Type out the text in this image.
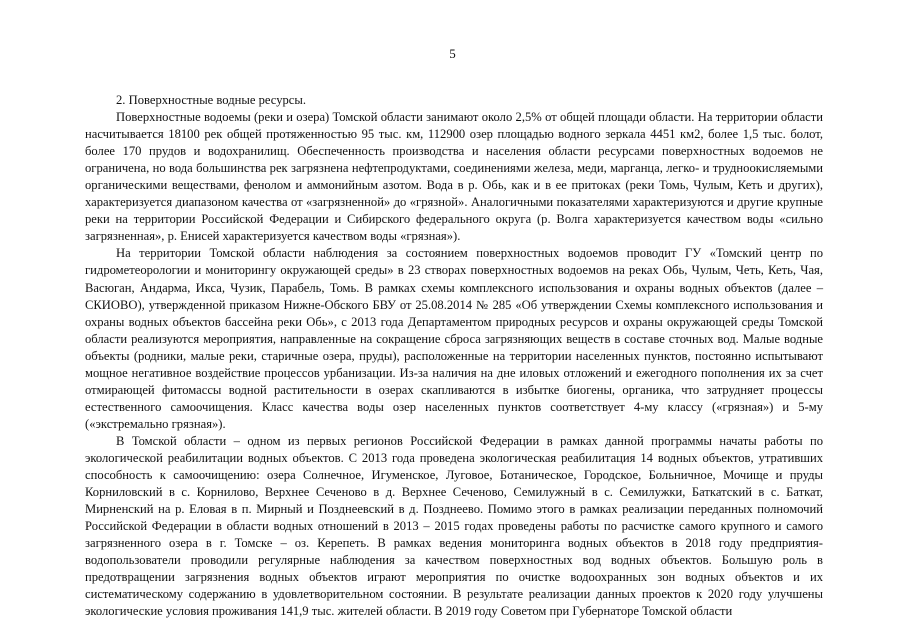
5

2. Поверхностные водные ресурсы.

Поверхностные водоемы (реки и озера) Томской области занимают около 2,5% от общей площади области. На территории области насчитывается 18100 рек общей протяженностью 95 тыс. км, 112900 озер площадью водного зеркала 4451 км2, более 1,5 тыс. болот, более 170 прудов и водохранилищ. Обеспеченность производства и населения области ресурсами поверхностных водоемов не ограничена, но вода большинства рек загрязнена нефтепродуктами, соединениями железа, меди, марганца, легко- и трудноокисляемыми органическими веществами, фенолом и аммонийным азотом. Вода в р. Обь, как и в ее притоках (реки Томь, Чулым, Кеть и других), характеризуется диапазоном качества от «загрязненной» до «грязной». Аналогичными показателями характеризуются и другие крупные реки на территории Российской Федерации и Сибирского федерального округа (р. Волга характеризуется качеством воды «сильно загрязненная», р. Енисей характеризуется качеством воды «грязная»).

На территории Томской области наблюдения за состоянием поверхностных водоемов проводит ГУ «Томский центр по гидрометеорологии и мониторингу окружающей среды» в 23 створах поверхностных водоемов на реках Обь, Чулым, Четь, Кеть, Чая, Васюган, Андарма, Икса, Чузик, Парабель, Томь. В рамках схемы комплексного использования и охраны водных объектов (далее – СКИОВО), утвержденной приказом Нижне-Обского БВУ от 25.08.2014 № 285 «Об утверждении Схемы комплексного использования и охраны водных объектов бассейна реки Обь», с 2013 года Департаментом природных ресурсов и охраны окружающей среды Томской области реализуются мероприятия, направленные на сокращение сброса загрязняющих веществ в составе сточных вод. Малые водные объекты (родники, малые реки, старичные озера, пруды), расположенные на территории населенных пунктов, постоянно испытывают мощное негативное воздействие процессов урбанизации. Из-за наличия на дне иловых отложений и ежегодного пополнения их за счет отмирающей фитомассы водной растительности в озерах скапливаются в избытке биогены, органика, что затрудняет процессы естественного самоочищения. Класс качества воды озер населенных пунктов соответствует 4-му классу («грязная») и 5-му («экстремально грязная»).

В Томской области – одном из первых регионов Российской Федерации в рамках данной программы начаты работы по экологической реабилитации водных объектов. С 2013 года проведена экологическая реабилитация 14 водных объектов, утративших способность к самоочищению: озера Солнечное, Игуменское, Луговое, Ботаническое, Городское, Больничное, Мочище и пруды Корниловский в с. Корнилово, Верхнее Сеченово в д. Верхнее Сеченово, Семилужный в с. Семилужки, Баткатский в с. Баткат, Мирненский на р. Еловая в п. Мирный и Позднеевский в д. Позднеево. Помимо этого в рамках реализации переданных полномочий Российской Федерации в области водных отношений в 2013 – 2015 годах проведены работы по расчистке самого крупного и самого загрязненного озера в г. Томске – оз. Керепеть. В рамках ведения мониторинга водных объектов в 2018 году предприятия-водопользователи проводили регулярные наблюдения за качеством поверхностных вод водных объектов. Большую роль в предотвращении загрязнения водных объектов играют мероприятия по очистке водоохранных зон водных объектов и их систематическому содержанию в удовлетворительном состоянии. В результате реализации данных проектов к 2020 году улучшены экологические условия проживания 141,9 тыс. жителей области. В 2019 году Советом при Губернаторе Томской области
